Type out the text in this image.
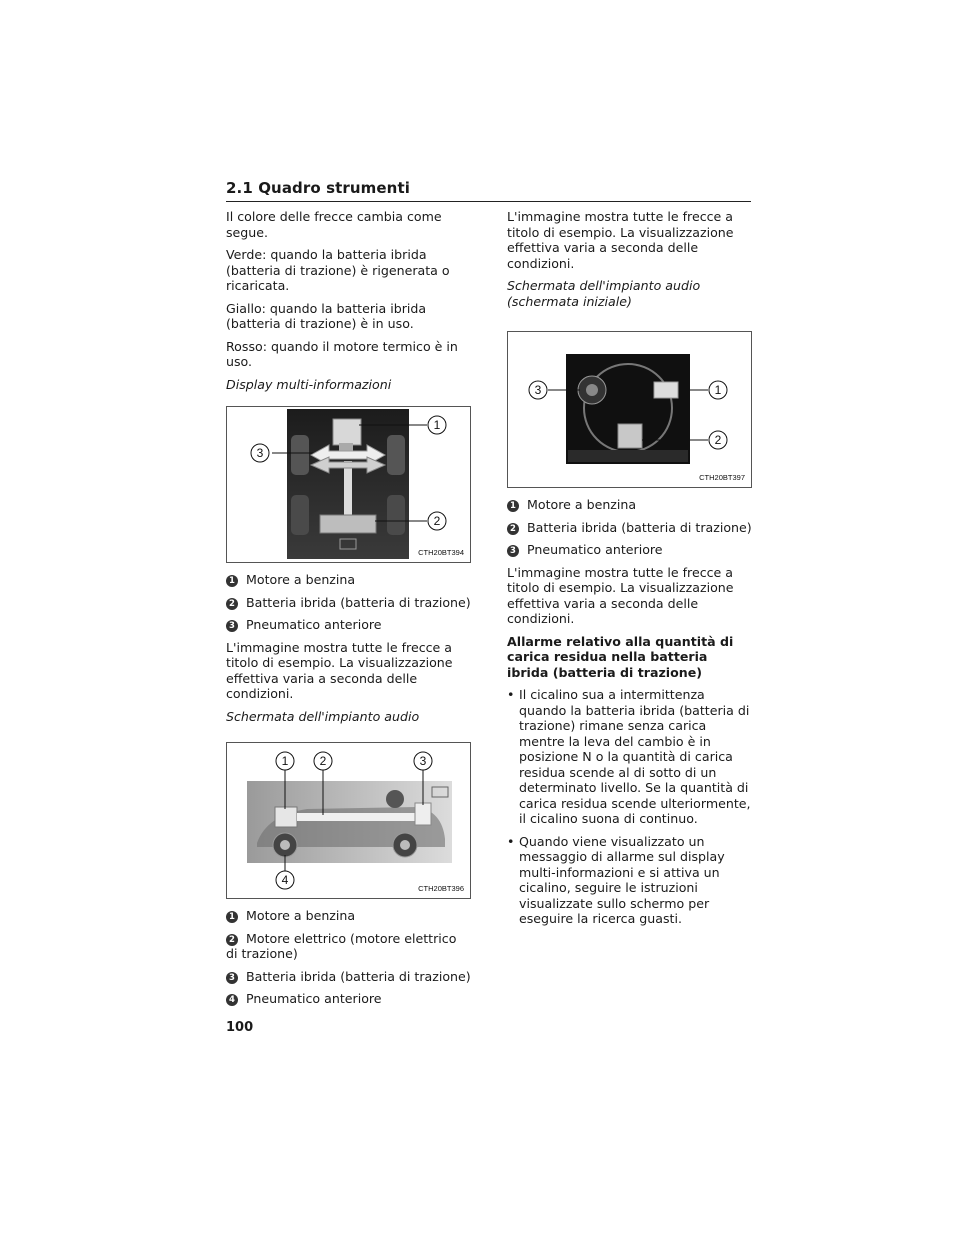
2.1 Quadro strumenti

Il colore delle frecce cambia come segue.

Verde: quando la batteria ibrida (batteria di trazione) è rigenerata o ricaricata.

Giallo: quando la batteria ibrida (batteria di trazione) è in uso.

Rosso: quando il motore termico è in uso.

Display multi-informazioni

1
2
3
CTH20BT394
1 Motore a benzina
2 Batteria ibrida (batteria di trazione)
3 Pneumatico anteriore

L'immagine mostra tutte le frecce a titolo di esempio. La visualizzazione effettiva varia a seconda delle condizioni.

Schermata dell'impianto audio

1	2	3
4
CTH20BT396
1 Motore a benzina
2 Motore elettrico (motore elettrico di trazione)
3 Batteria ibrida (batteria di trazione)
4 Pneumatico anteriore

L'immagine mostra tutte le frecce a titolo di esempio. La visualizzazione effettiva varia a seconda delle condizioni.

Schermata dell'impianto audio (schermata iniziale)

1
2
3
CTH20BT397
1 Motore a benzina
2 Batteria ibrida (batteria di trazione)
3 Pneumatico anteriore

L'immagine mostra tutte le frecce a titolo di esempio. La visualizzazione effettiva varia a seconda delle condizioni.

Allarme relativo alla quantità di carica residua nella batteria ibrida (batteria di trazione)

• Il cicalino sua a intermittenza quando la batteria ibrida (batteria di trazione) rimane senza carica mentre la leva del cambio è in posizione N o la quantità di carica residua scende al di sotto di un determinato livello. Se la quantità di carica residua scende ulteriormente, il cicalino suona di continuo.
• Quando viene visualizzato un messaggio di allarme sul display multi-informazioni e si attiva un cicalino, seguire le istruzioni visualizzate sullo schermo per eseguire la ricerca guasti.
100
